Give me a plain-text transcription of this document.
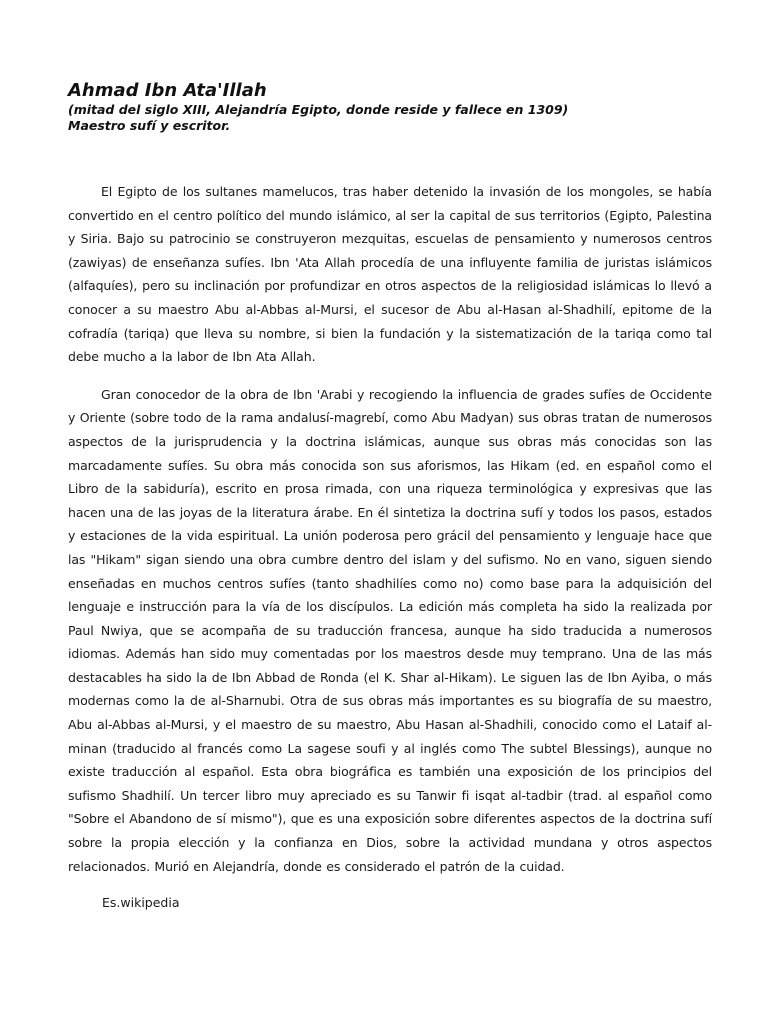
Ahmad Ibn Ata'Illah

(mitad del siglo XIII, Alejandría Egipto, donde reside y fallece en 1309)

Maestro sufí y escritor.

El Egipto de los sultanes mamelucos, tras haber detenido la invasión de los mongoles, se había convertido en el centro político del mundo islámico, al ser la capital de sus territorios (Egipto, Palestina y Siria. Bajo su patrocinio se construyeron mezquitas, escuelas de pensamiento y numerosos centros (zawiyas) de enseñanza sufíes. Ibn 'Ata Allah procedía de una influyente familia de juristas islámicos (alfaquíes), pero su inclinación por profundizar en otros aspectos de la religiosidad islámicas lo llevó a conocer a su maestro Abu al-Abbas al-Mursi, el sucesor de Abu al-Hasan al-Shadhilí, epitome de la cofradía (tariqa) que lleva su nombre, si bien la fundación y la sistematización de la tariqa como tal debe mucho a la labor de Ibn Ata Allah.

Gran conocedor de la obra de Ibn 'Arabi y recogiendo la influencia de grades sufíes de Occidente y Oriente (sobre todo de la rama andalusí-magrebí, como Abu Madyan) sus obras tratan de numerosos aspectos de la jurisprudencia y la doctrina islámicas, aunque sus obras más conocidas son las marcadamente sufíes. Su obra más conocida son sus aforismos, las Hikam (ed. en español como el Libro de la sabiduría), escrito en prosa rimada, con una riqueza terminológica y expresivas que las hacen una de las joyas de la literatura árabe. En él sintetiza la doctrina sufí y todos los pasos, estados y estaciones de la vida espiritual. La unión poderosa pero grácil del pensamiento y lenguaje hace que las "Hikam" sigan siendo una obra cumbre dentro del islam y del sufismo. No en vano, siguen siendo enseñadas en muchos centros sufíes (tanto shadhilíes como no) como base para la adquisición del lenguaje e instrucción para la vía de los discípulos. La edición más completa ha sido la realizada por Paul Nwiya, que se acompaña de su traducción francesa, aunque ha sido traducida a numerosos idiomas. Además han sido muy comentadas por los maestros desde muy temprano. Una de las más destacables ha sido la de Ibn Abbad de Ronda (el K. Shar al-Hikam). Le siguen las de Ibn Ayiba, o más modernas como la de al-Sharnubi. Otra de sus obras más importantes es su biografía de su maestro, Abu al-Abbas al-Mursi, y el maestro de su maestro, Abu Hasan al-Shadhili, conocido como el Lataif al-minan (traducido al francés como La sagese soufi y al inglés como The subtel Blessings), aunque no existe traducción al español. Esta obra biográfica es también una exposición de los principios del sufismo Shadhilí. Un tercer libro muy apreciado es su Tanwir fi isqat al-tadbir (trad. al español como "Sobre el Abandono de sí mismo"), que es una exposición sobre diferentes aspectos de la doctrina sufí sobre la propia elección y la confianza en Dios, sobre la actividad mundana y otros aspectos relacionados. Murió en Alejandría, donde es considerado el patrón de la cuidad.

Es.wikipedia
